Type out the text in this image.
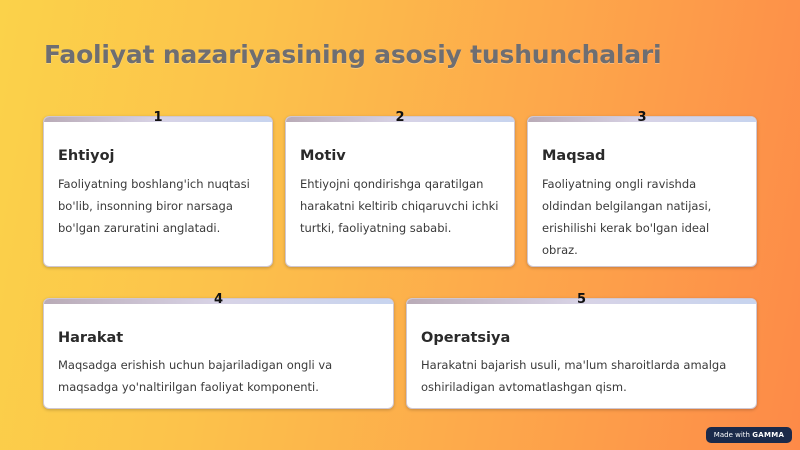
Faoliyat nazariyasining asosiy tushunchalari
1
Ehtiyoj

Faoliyatning boshlang'ich nuqtasi bo'lib, insonning biror narsaga bo'lgan zaruratini anglatadi.

2
Motiv

Ehtiyojni qondirishga qaratilgan harakatni keltirib chiqaruvchi ichki turtki, faoliyatning sababi.

3
Maqsad

Faoliyatning ongli ravishda oldindan belgilangan natijasi, erishilishi kerak bo'lgan ideal obraz.

4
Harakat

Maqsadga erishish uchun bajariladigan ongli va maqsadga yo'naltirilgan faoliyat komponenti.

5
Operatsiya

Harakatni bajarish usuli, ma'lum sharoitlarda amalga oshiriladigan avtomatlashgan qism.

Made with GAMMA
